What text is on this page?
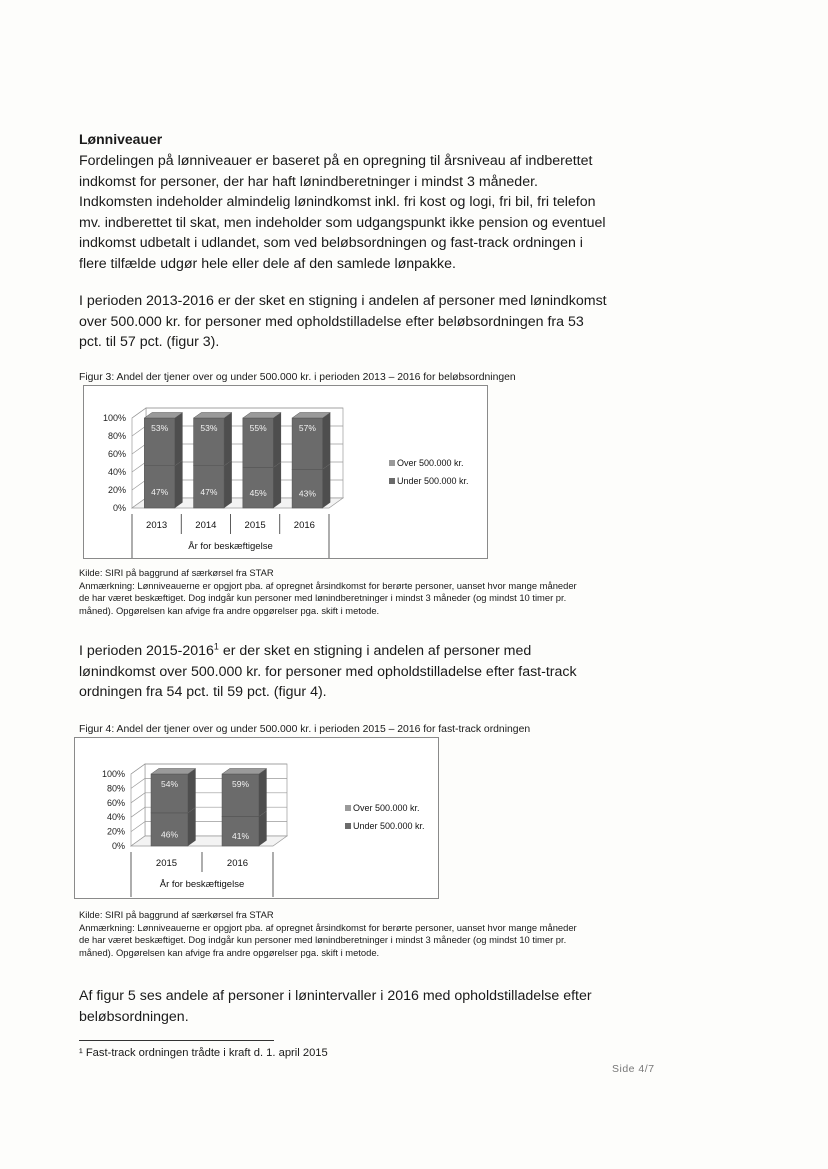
Lønniveauer

Fordelingen på lønniveauer er baseret på en opregning til årsniveau af indberettet indkomst for personer, der har haft lønindberetninger i mindst 3 måneder. Indkomsten indeholder almindelig lønindkomst inkl. fri kost og logi, fri bil, fri telefon mv. indberettet til skat, men indeholder som udgangspunkt ikke pension og eventuel indkomst udbetalt i udlandet, som ved beløbsordningen og fast-track ordningen i flere tilfælde udgør hele eller dele af den samlede lønpakke.

I perioden 2013-2016 er der sket en stigning i andelen af personer med lønindkomst over 500.000 kr. for personer med opholdstilladelse efter beløbsordningen fra 53 pct. til 57 pct. (figur 3).

Figur 3: Andel der tjener over og under 500.000 kr. i perioden 2013 – 2016 for beløbsordningen
100%
80%
60%
40%
20%
0%
53%
47%
53%
47%
55%
45%
57%
43%
2013	2014	2015	2016
År for beskæftigelse
Over 500.000 kr.
Under 500.000 kr.

Kilde: SIRI på baggrund af særkørsel fra STAR

Anmærkning: Lønniveauerne er opgjort pba. af opregnet årsindkomst for berørte personer, uanset hvor mange måneder de har været beskæftiget. Dog indgår kun personer med lønindberetninger i mindst 3 måneder (og mindst 10 timer pr. måned). Opgørelsen kan afvige fra andre opgørelser pga. skift i metode.

I perioden 2015-2016$^1$ er der sket en stigning i andelen af personer med lønindkomst over 500.000 kr. for personer med opholdstilladelse efter fast-track ordningen fra 54 pct. til 59 pct. (figur 4).

Figur 4: Andel der tjener over og under 500.000 kr. i perioden 2015 – 2016 for fast-track ordningen
100%
80%
60%
40%
20%
0%
54%
46%
59%
41%
2015	2016
År for beskæftigelse
Over 500.000 kr.
Under 500.000 kr.

Kilde: SIRI på baggrund af særkørsel fra STAR

Anmærkning: Lønniveauerne er opgjort pba. af opregnet årsindkomst for berørte personer, uanset hvor mange måneder de har været beskæftiget. Dog indgår kun personer med lønindberetninger i mindst 3 måneder (og mindst 10 timer pr. måned). Opgørelsen kan afvige fra andre opgørelser pga. skift i metode.

Af figur 5 ses andele af personer i lønintervaller i 2016 med opholdstilladelse efter beløbsordningen.

¹ Fast-track ordningen trådte i kraft d. 1. april 2015
Side 4/7
